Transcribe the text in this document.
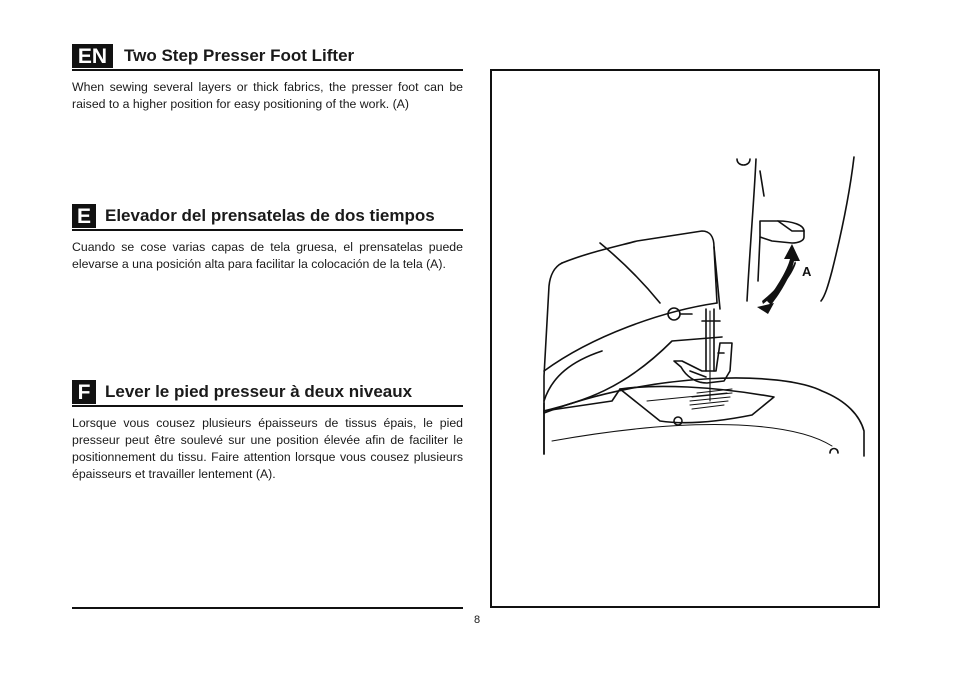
EN Two Step Presser Foot Lifter
When sewing several layers or thick fabrics, the presser foot can be raised to a higher position for easy positioning of the work. (A)
E Elevador del prensatelas de dos tiempos
Cuando se cose varias capas de tela gruesa, el prensatelas puede elevarse a una posición alta para facilitar la colocación de la tela (A).
F Lever le pied presseur à deux niveaux
Lorsque vous cousez plusieurs épaisseurs de tissus épais, le pied presseur peut être soulevé sur une position élevée afin de faciliter le positionnement du tissu. Faire attention lorsque vous cousez plusieurs épaisseurs et travailler lentement (A).
8
A
